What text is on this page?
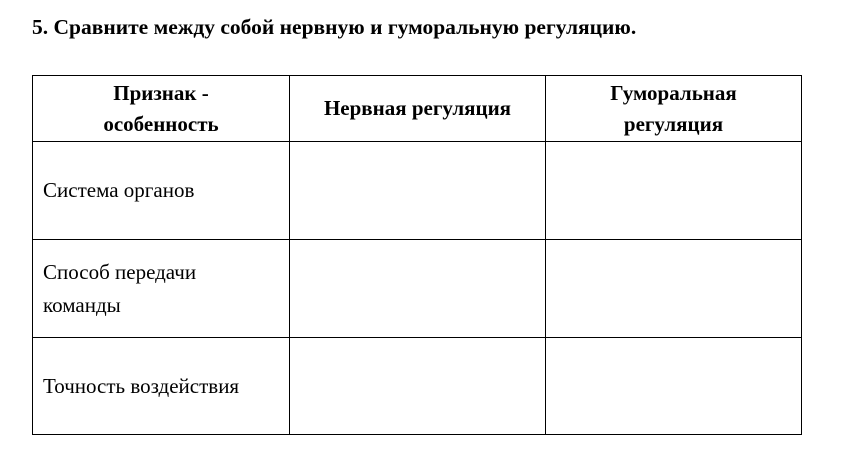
5. Сравните между собой нервную и гуморальную регуляцию.
Признак -
особенность	Нервная регуляция	Гуморальная
регуляция
Система органов		
Способ передачи
команды		
Точность воздействия		
